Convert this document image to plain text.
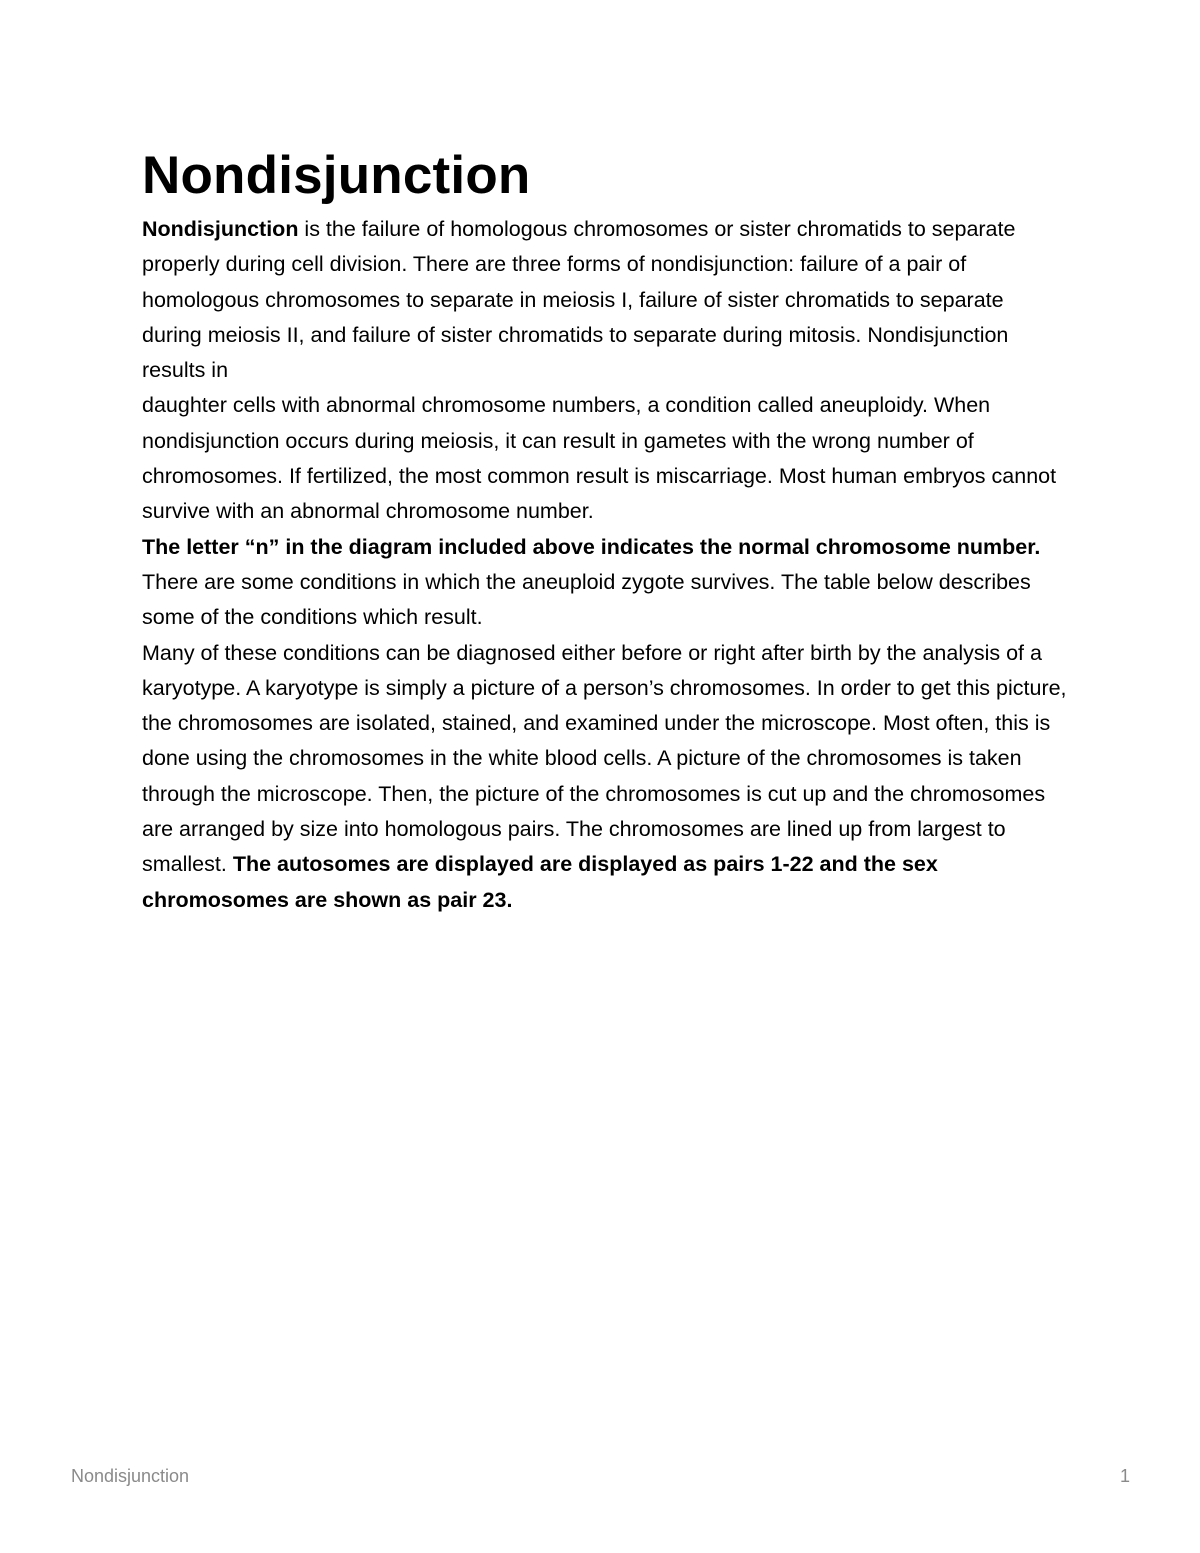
Nondisjunction

Nondisjunction is the failure of homologous chromosomes or sister chromatids to separate properly during cell division. There are three forms of nondisjunction: failure of a pair of homologous chromosomes to separate in meiosis I, failure of sister chromatids to separate during meiosis II, and failure of sister chromatids to separate during mitosis. Nondisjunction results in
daughter cells with abnormal chromosome numbers, a condition called aneuploidy. When nondisjunction occurs during meiosis, it can result in gametes with the wrong number of chromosomes. If fertilized, the most common result is miscarriage. Most human embryos cannot survive with an abnormal chromosome number.

The letter “n” in the diagram included above indicates the normal chromosome number.

There are some conditions in which the aneuploid zygote survives. The table below describes some of the conditions which result.

Many of these conditions can be diagnosed either before or right after birth by the analysis of a karyotype. A karyotype is simply a picture of a person’s chromosomes. In order to get this picture, the chromosomes are isolated, stained, and examined under the microscope. Most often, this is done using the chromosomes in the white blood cells. A picture of the chromosomes is taken through the microscope. Then, the picture of the chromosomes is cut up and the chromosomes are arranged by size into homologous pairs. The chromosomes are lined up from largest to smallest. The autosomes are displayed are displayed as pairs 1-22 and the sex chromosomes are shown as pair 23.

Nondisjunction	1
